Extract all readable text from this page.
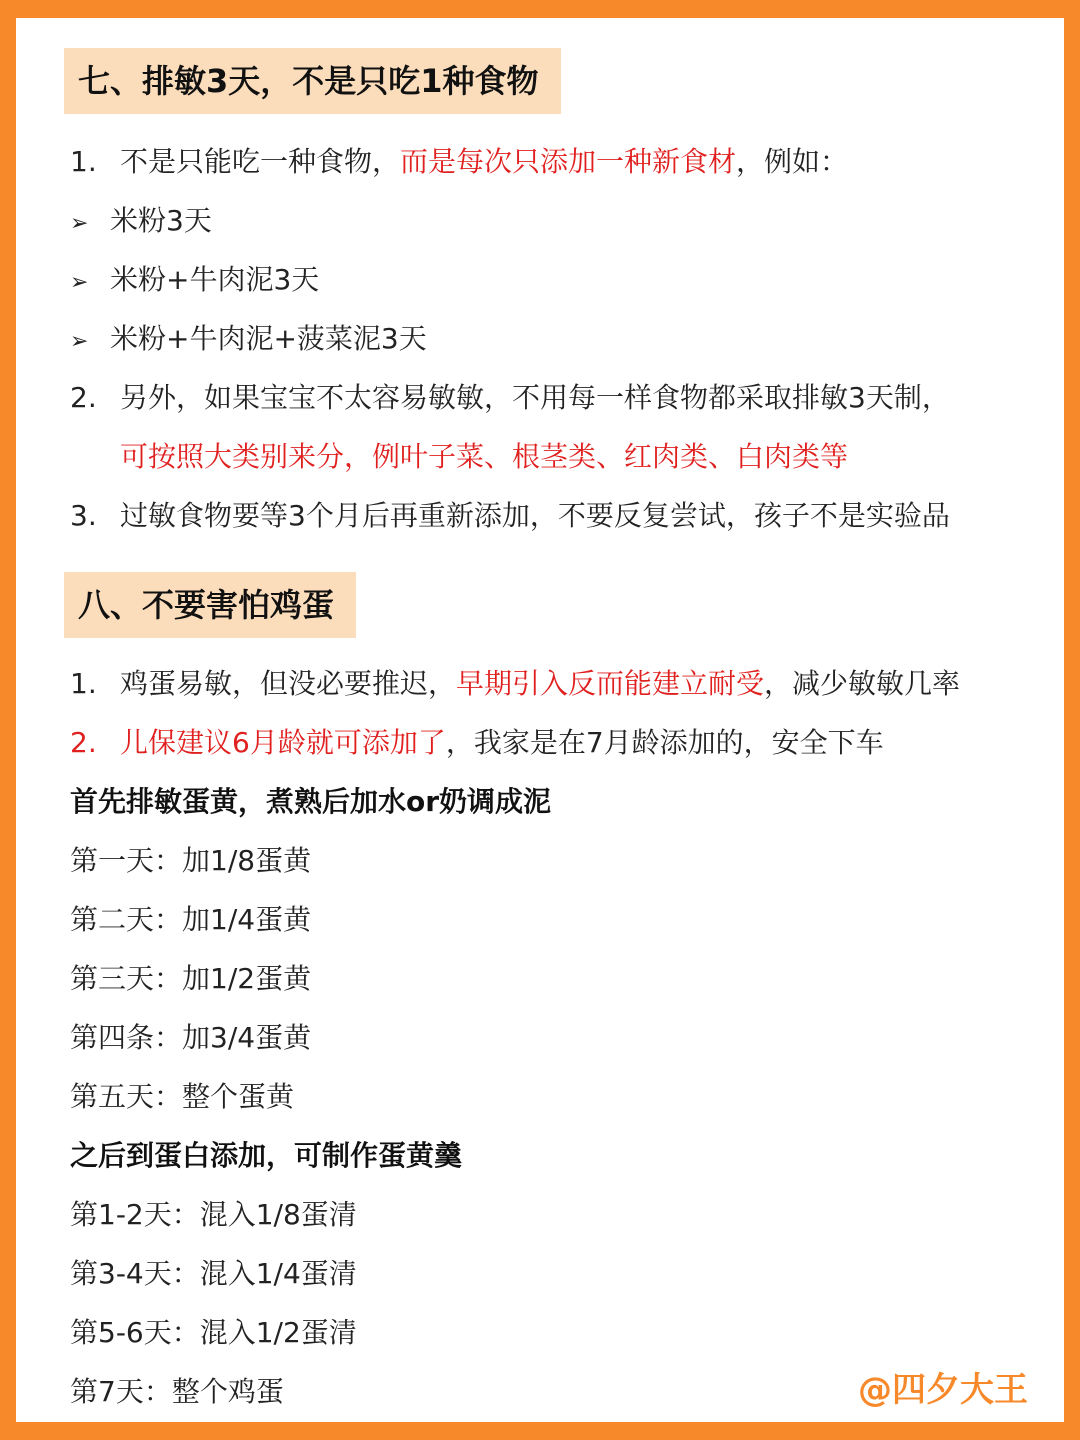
七、排敏3天，不是只吃1种食物
1. 不是只能吃一种食物，而是每次只添加一种新食材，例如：
➢ 米粉3天
➢ 米粉+牛肉泥3天
➢ 米粉+牛肉泥+菠菜泥3天
2. 另外，如果宝宝不太容易敏敏，不用每一样食物都采取排敏3天制，
可按照大类别来分，例叶子菜、根茎类、红肉类、白肉类等
3. 过敏食物要等3个月后再重新添加，不要反复尝试，孩子不是实验品
八、不要害怕鸡蛋
1. 鸡蛋易敏，但没必要推迟，早期引入反而能建立耐受，减少敏敏几率
2. 儿保建议6月龄就可添加了，我家是在7月龄添加的，安全下车
首先排敏蛋黄，煮熟后加水or奶调成泥
第一天：加1/8蛋黄
第二天：加1/4蛋黄
第三天：加1/2蛋黄
第四条：加3/4蛋黄
第五天：整个蛋黄
之后到蛋白添加，可制作蛋黄羹
第1-2天：混入1/8蛋清
第3-4天：混入1/4蛋清
第5-6天：混入1/2蛋清
第7天：整个鸡蛋	@四夕大王
